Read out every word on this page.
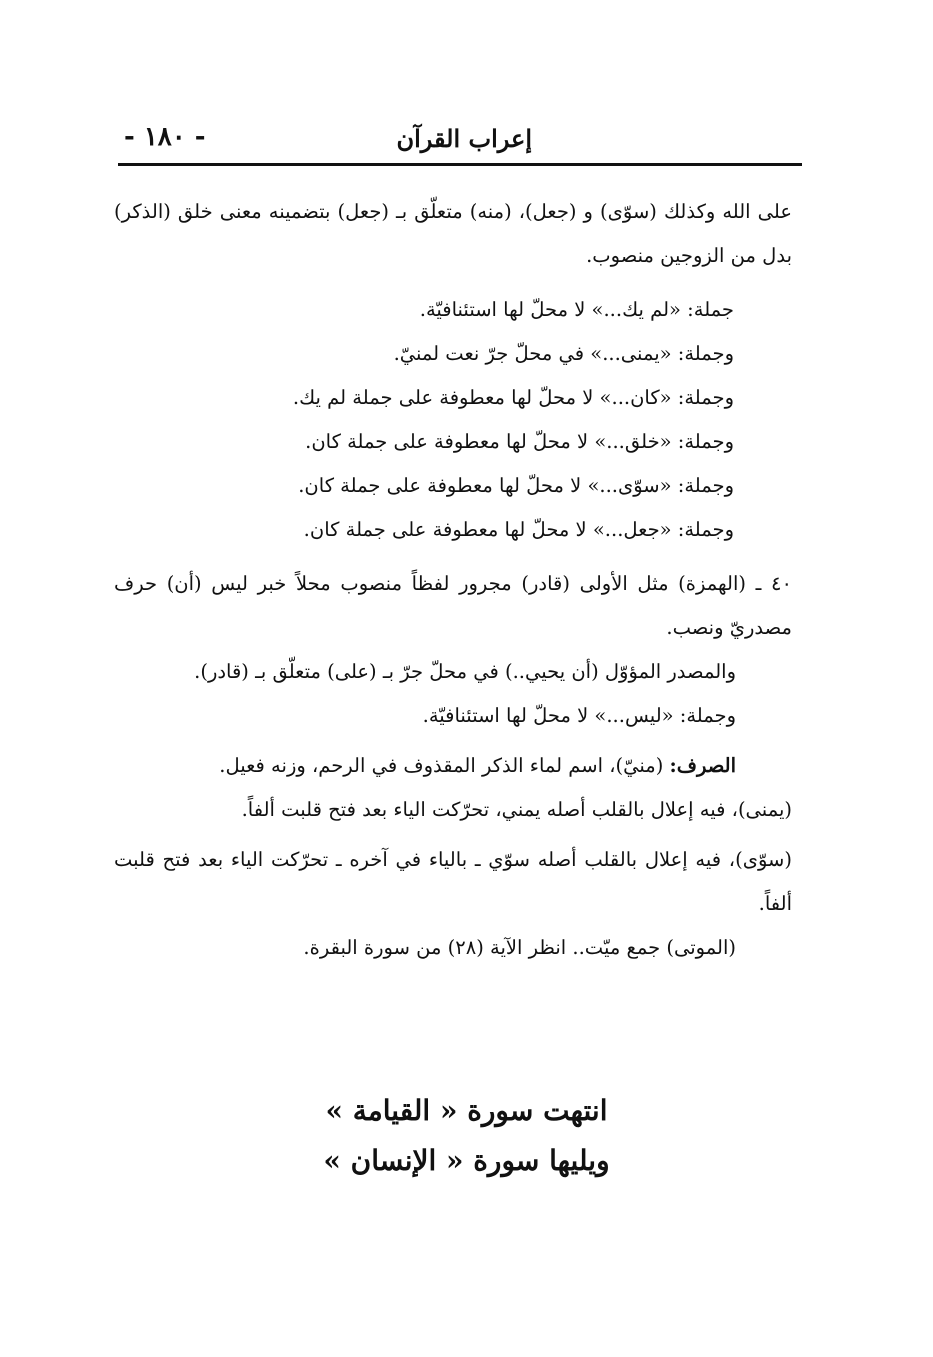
إعراب القرآن
- ١٨٠ -

على الله وكذلك (سوّى) و (جعل)، (منه) متعلّق بـ (جعل) بتضمينه معنى خلق (الذكر) بدل من الزوجين منصوب.

جملة: «لم يك...» لا محلّ لها استئنافيّة.

وجملة: «يمنى...» في محلّ جرّ نعت لمنيّ.

وجملة: «كان...» لا محلّ لها معطوفة على جملة لم يك.

وجملة: «خلق...» لا محلّ لها معطوفة على جملة كان.

وجملة: «سوّى...» لا محلّ لها معطوفة على جملة كان.

وجملة: «جعل...» لا محلّ لها معطوفة على جملة كان.

٤٠ ـ (الهمزة) مثل الأولى (قادر) مجرور لفظاً منصوب محلاً خبر ليس (أن) حرف مصدريّ ونصب.

والمصدر المؤوّل (أن يحيي..) في محلّ جرّ بـ (على) متعلّق بـ (قادر).

وجملة: «ليس...» لا محلّ لها استئنافيّة.

الصرف: (منيّ)، اسم لماء الذكر المقذوف في الرحم، وزنه فعيل.

(يمنى)، فيه إعلال بالقلب أصله يمني، تحرّكت الياء بعد فتح قلبت ألفاً.

(سوّى)، فيه إعلال بالقلب أصله سوّي ـ بالياء في آخره ـ تحرّكت الياء بعد فتح قلبت ألفاً.

(الموتى) جمع ميّت.. انظر الآية (٢٨) من سورة البقرة.

انتهت سورة « القيامة »

ويليها سورة « الإنسان »
